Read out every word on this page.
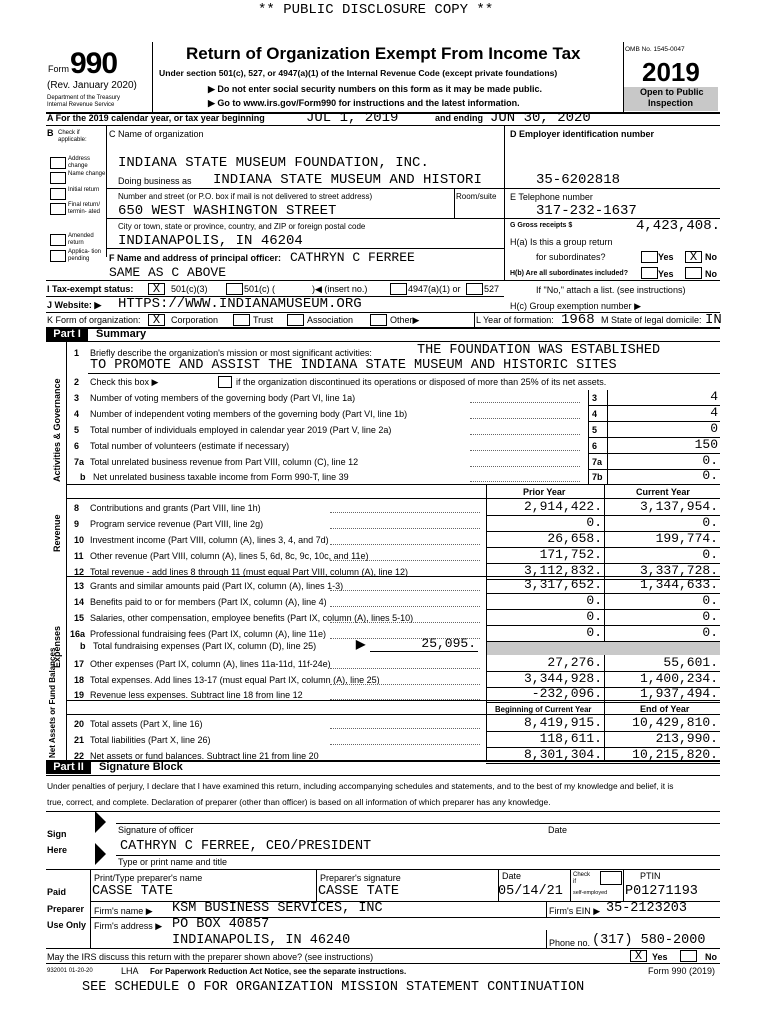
** PUBLIC DISCLOSURE COPY **
Form 990
(Rev. January 2020)
Department of the Treasury
Internal Revenue Service
Return of Organization Exempt From Income Tax
Under section 501(c), 527, or 4947(a)(1) of the Internal Revenue Code (except private foundations)
▶ Do not enter social security numbers on this form as it may be made public.
▶ Go to www.irs.gov/Form990 for instructions and the latest information.
OMB No. 1545-0047
2019
Open to Public
Inspection
A For the 2019 calendar year, or tax year beginning	JUL 1, 2019	and ending JUN 30, 2020
B Check if
applicable:
Address change
Name change
Initial return
Final return/ termin- ated
Amended return
Applica- tion pending
C Name of organization
INDIANA STATE MUSEUM FOUNDATION, INC.
Doing business as INDIANA STATE MUSEUM AND HISTORI
Number and street (or P.O. box if mail is not delivered to street address)	Room/suite
650 WEST WASHINGTON STREET
City or town, state or province, country, and ZIP or foreign postal code
INDIANAPOLIS, IN 46204
F Name and address of principal officer: CATHRYN C FERREE
SAME AS C ABOVE
D Employer identification number
35-6202818
E Telephone number
317-232-1637
G Gross receipts $	4,423,408.
H(a) Is this a group return
for subordinates?	Yes	X No
H(b) Are all subordinates included?	Yes	No
If "No," attach a list. (see instructions)
H(c) Group exemption number ▶
I Tax-exempt status:	X	501(c)(3)	501(c) (	)◀ (insert no.)	4947(a)(1) or	527
J Website: ▶ HTTPS://WWW.INDIANAMUSEUM.ORG
K Form of organization:	X	Corporation	Trust	Association	Other▶	L Year of formation: 1968 M State of legal domicile: IN
Part I	Summary
Activities & Governance
Revenue
Expenses
Net Assets or Fund Balances
1 Briefly describe the organization's mission or most significant activities:	THE FOUNDATION WAS ESTABLISHED
TO PROMOTE AND ASSIST THE INDIANA STATE MUSEUM AND HISTORIC SITES
2 Check this box ▶	if the organization discontinued its operations or disposed of more than 25% of its net assets.
3 Number of voting members of the governing body (Part VI, line 1a)	3	4
4 Number of independent voting members of the governing body (Part VI, line 1b)	4	4
5 Total number of individuals employed in calendar year 2019 (Part V, line 2a)	5	0
6 Total number of volunteers (estimate if necessary)	6	150
7a Total unrelated business revenue from Part VIII, column (C), line 12	7a	0.
b Net unrelated business taxable income from Form 990-T, line 39	7b	0.
Prior Year	Current Year
8 Contributions and grants (Part VIII, line 1h)	2,914,422.	3,137,954.
9 Program service revenue (Part VIII, line 2g)	0.	0.
10 Investment income (Part VIII, column (A), lines 3, 4, and 7d)	26,658.	199,774.
11 Other revenue (Part VIII, column (A), lines 5, 6d, 8c, 9c, 10c, and 11e)	171,752.	0.
12 Total revenue - add lines 8 through 11 (must equal Part VIII, column (A), line 12)	3,112,832.	3,337,728.
13 Grants and similar amounts paid (Part IX, column (A), lines 1-3)	3,317,652.	1,344,633.
14 Benefits paid to or for members (Part IX, column (A), line 4)	0.	0.
15 Salaries, other compensation, employee benefits (Part IX, column (A), lines 5-10)	0.	0.
16a Professional fundraising fees (Part IX, column (A), line 11e)	0.	0.
17 Other expenses (Part IX, column (A), lines 11a-11d, 11f-24e)	27,276.	55,601.
18 Total expenses. Add lines 13-17 (must equal Part IX, column (A), line 25)	3,344,928.	1,400,234.
19 Revenue less expenses. Subtract line 18 from line 12	-232,096.	1,937,494.
20 Total assets (Part X, line 16)	8,419,915.	10,429,810.
21 Total liabilities (Part X, line 26)	118,611.	213,990.
22 Net assets or fund balances. Subtract line 21 from line 20	8,301,304.	10,215,820.
Beginning of Current Year	End of Year
b Total fundraising expenses (Part IX, column (D), line 25)	▶	25,095.
Part II	Signature Block
Under penalties of perjury, I declare that I have examined this return, including accompanying schedules and statements, and to the best of my knowledge and belief, it is
true, correct, and complete. Declaration of preparer (other than officer) is based on all information of which preparer has any knowledge.
Sign
Here
Signature of officer	Date
CATHRYN C FERREE, CEO/PRESIDENT
Type or print name and title
Paid
Preparer
Use Only
Print/Type preparer's name	Preparer's signature	Date	Check
if
self-employed
PTIN
CASSE TATE	CASSE TATE	05/14/21	P01271193
Firm's name ▶ KSM BUSINESS SERVICES, INC	Firm's EIN ▶ 35-2123203
Firm's address ▶ PO BOX 40857
INDIANAPOLIS, IN 46240	Phone no. (317) 580-2000
May the IRS discuss this return with the preparer shown above? (see instructions)	X	Yes	No
932001 01-20-20	LHA For Paperwork Reduction Act Notice, see the separate instructions.	Form 990 (2019)
SEE SCHEDULE O FOR ORGANIZATION MISSION STATEMENT CONTINUATION
